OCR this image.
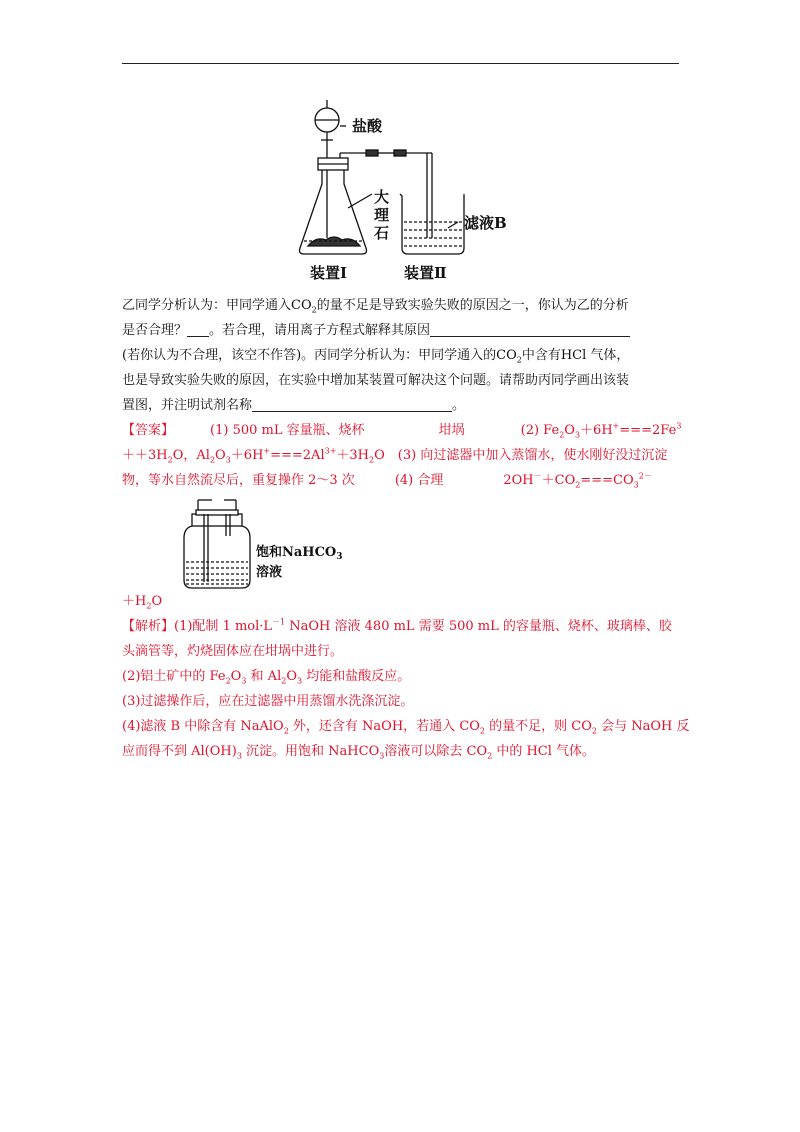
盐酸
大
理
石
滤液B
装置Ⅰ	装置Ⅱ
乙同学分析认为：甲同学通入$CO_2$的量不足是导致实验失败的原因之一，你认为乙的分析
是否合理？ 。若合理，请用离子方程式解释其原因
(若你认为不合理，该空不作答)。丙同学分析认为：甲同学通入的$CO_2$中含有HCl 气体，
也是导致实验失败的原因，在实验中增加某装置可解决这个问题。请帮助丙同学画出该装
置图，并注明试剂名称	。
【答案】	(1) 500 mL 容量瓶、烧杯	坩埚	(2) $Fe_2O_3+6H^+===2Fe^3$
$++3H_2O$，$Al_2O_3+6H^+===2Al^{3+}+3H_2O$　(3) 向过滤器中加入蒸馏水，使水刚好没过沉淀
物，等水自然流尽后，重复操作 2～3 次	(4) 合理	$2OH^-+CO_2===CO_3^{2-}$
饱和NaHCO$_3$
溶液
$+H_2O$
【解析】(1)配制 1 $mol\cdot L^{-1}$ NaOH 溶液 480 mL 需要 500 mL 的容量瓶、烧杯、玻璃棒、胶
头滴管等，灼烧固体应在坩埚中进行。
(2)铝土矿中的 $Fe_2O_3$ 和 $Al_2O_3$ 均能和盐酸反应。
(3)过滤操作后，应在过滤器中用蒸馏水洗涤沉淀。
(4)滤液 B 中除含有 NaAlO$_2$ 外，还含有 NaOH，若通入 $CO_2$ 的量不足，则 $CO_2$ 会与 NaOH 反
应而得不到 $Al(OH)_3$ 沉淀。用饱和 NaHCO$_3$溶液可以除去 $CO_2$ 中的 HCl 气体。
